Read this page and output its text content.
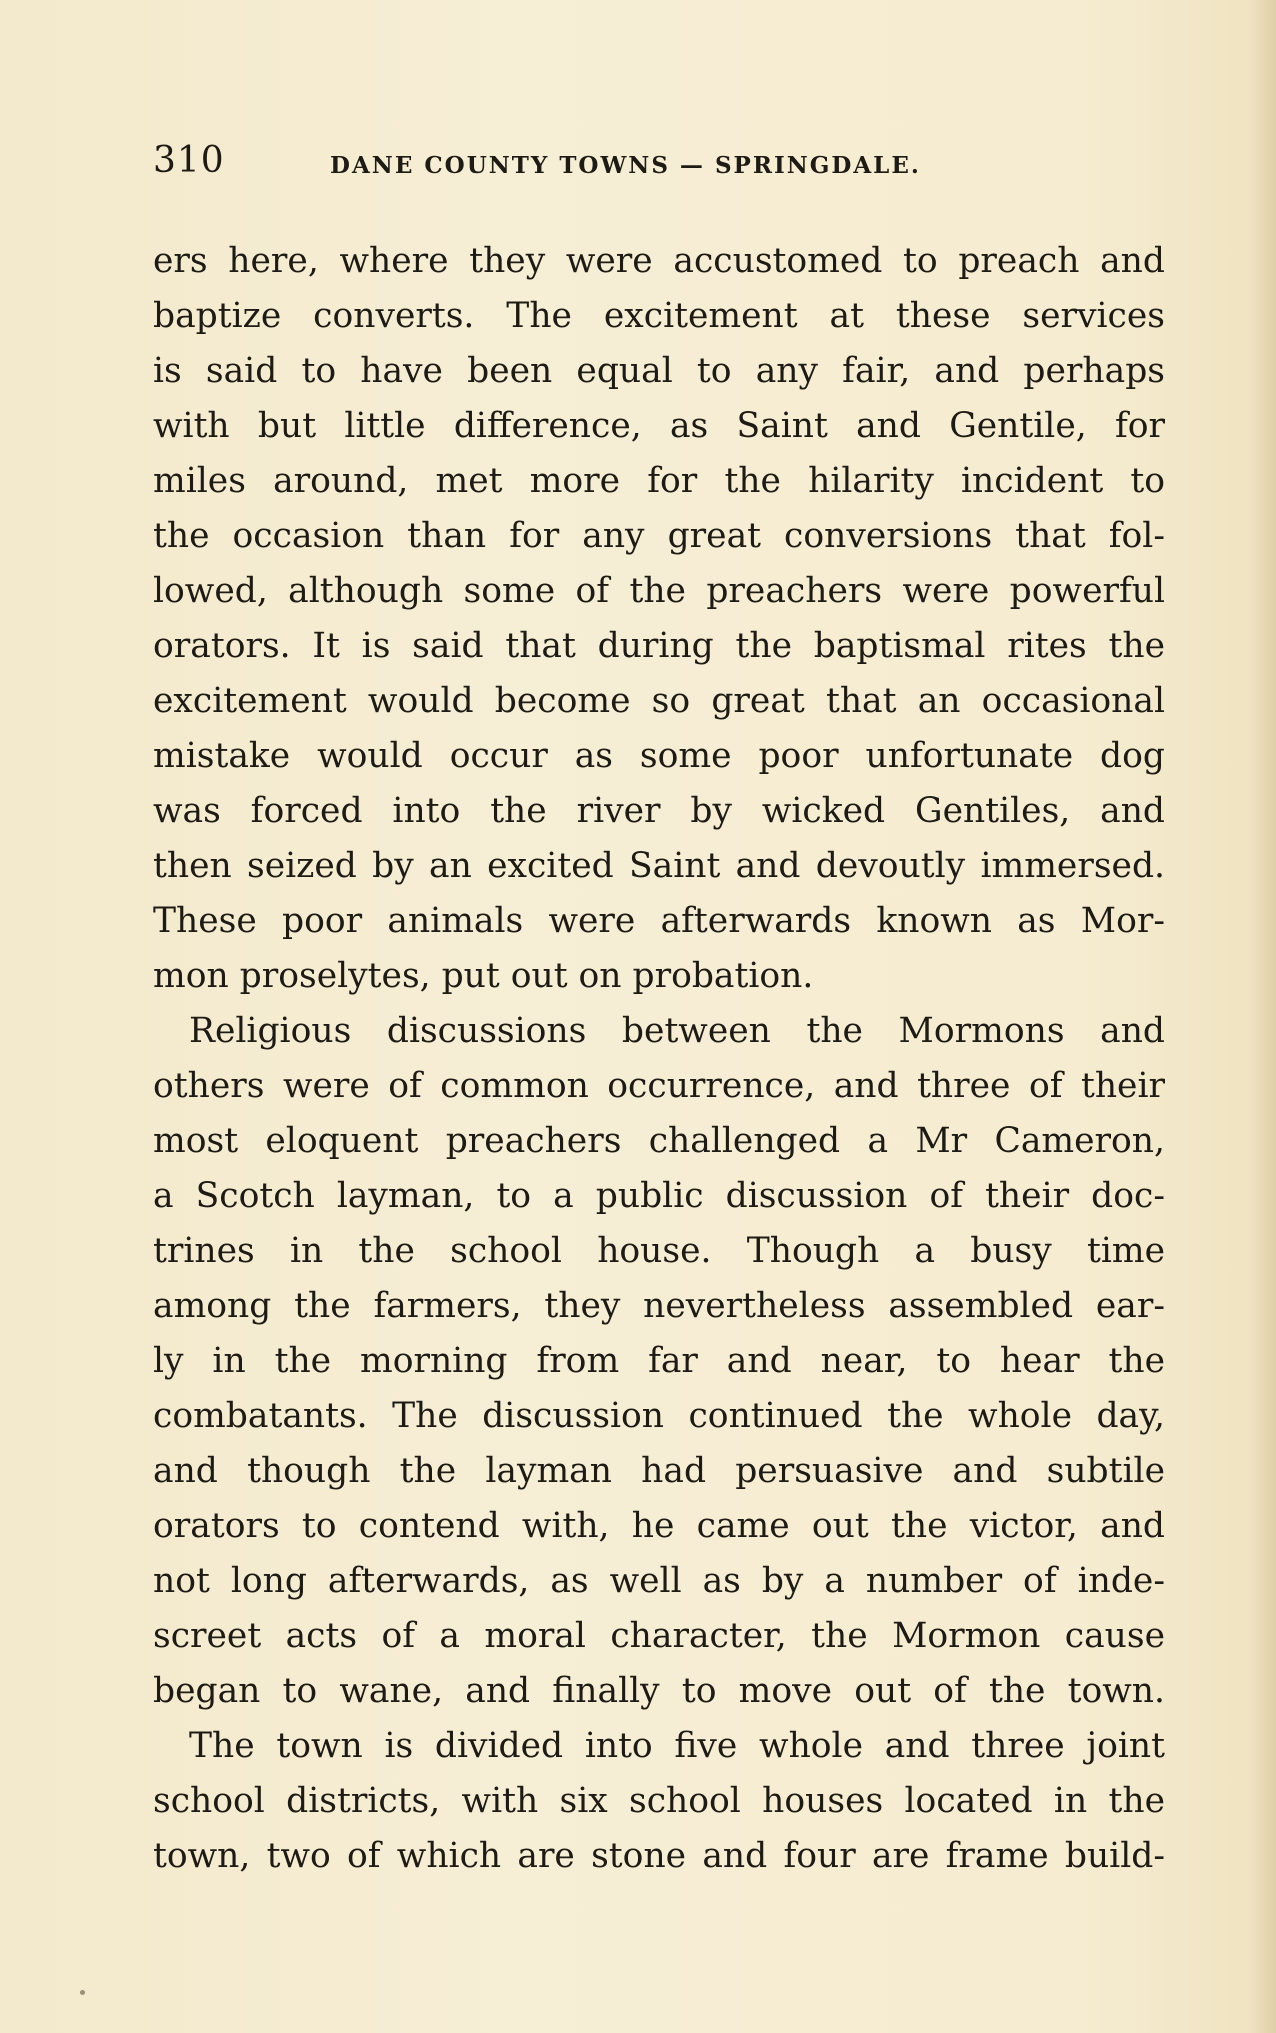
310	DANE COUNTY TOWNS — SPRINGDALE.
ers here, where they were accustomed to preach and
baptize converts. The excitement at these services
is said to have been equal to any fair, and perhaps
with but little difference, as Saint and Gentile, for
miles around, met more for the hilarity incident to
the occasion than for any great conversions that fol-
lowed, although some of the preachers were powerful
orators. It is said that during the baptismal rites the
excitement would become so great that an occasional
mistake would occur as some poor unfortunate dog
was forced into the river by wicked Gentiles, and
then seized by an excited Saint and devoutly immersed.
These poor animals were afterwards known as Mor-
mon proselytes, put out on probation.
Religious discussions between the Mormons and
others were of common occurrence, and three of their
most eloquent preachers challenged a Mr Cameron,
a Scotch layman, to a public discussion of their doc-
trines in the school house. Though a busy time
among the farmers, they nevertheless assembled ear-
ly in the morning from far and near, to hear the
combatants. The discussion continued the whole day,
and though the layman had persuasive and subtile
orators to contend with, he came out the victor, and
not long afterwards, as well as by a number of inde-
screet acts of a moral character, the Mormon cause
began to wane, and finally to move out of the town.
The town is divided into five whole and three joint
school districts, with six school houses located in the
town, two of which are stone and four are frame build-
